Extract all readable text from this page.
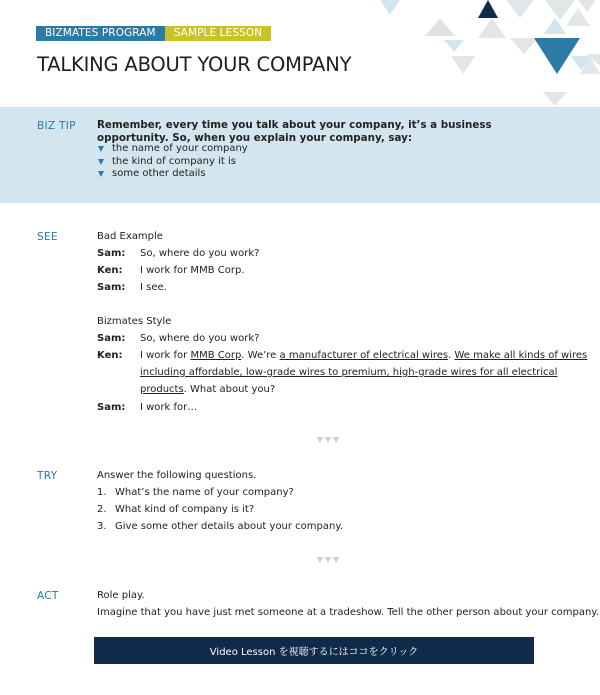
BIZMATES PROGRAM	SAMPLE LESSON
TALKING ABOUT YOUR COMPANY
BIZ TIP Remember, every time you talk about your company, it’s a business opportunity. So, when you explain your company, say:
the name of your company
the kind of company it is
some other details
SEE	Bad Example
Sam: So, where do you work?
Ken: I work for MMB Corp.
Sam: I see.
Bizmates Style
Sam: So, where do you work?
Ken: I work for MMB Corp. We’re a manufacturer of electrical wires. We make all kinds of wires
including affordable, low-grade wires to premium, high-grade wires for all electrical
products. What about you?
Sam: I work for…
TRY	Answer the following questions.
1. What’s the name of your company?
2. What kind of company is it?
3. Give some other details about your company.
ACT	Role play.
Imagine that you have just met someone at a tradeshow. Tell the other person about your company.
Video Lesson を視聴するにはココをクリック
